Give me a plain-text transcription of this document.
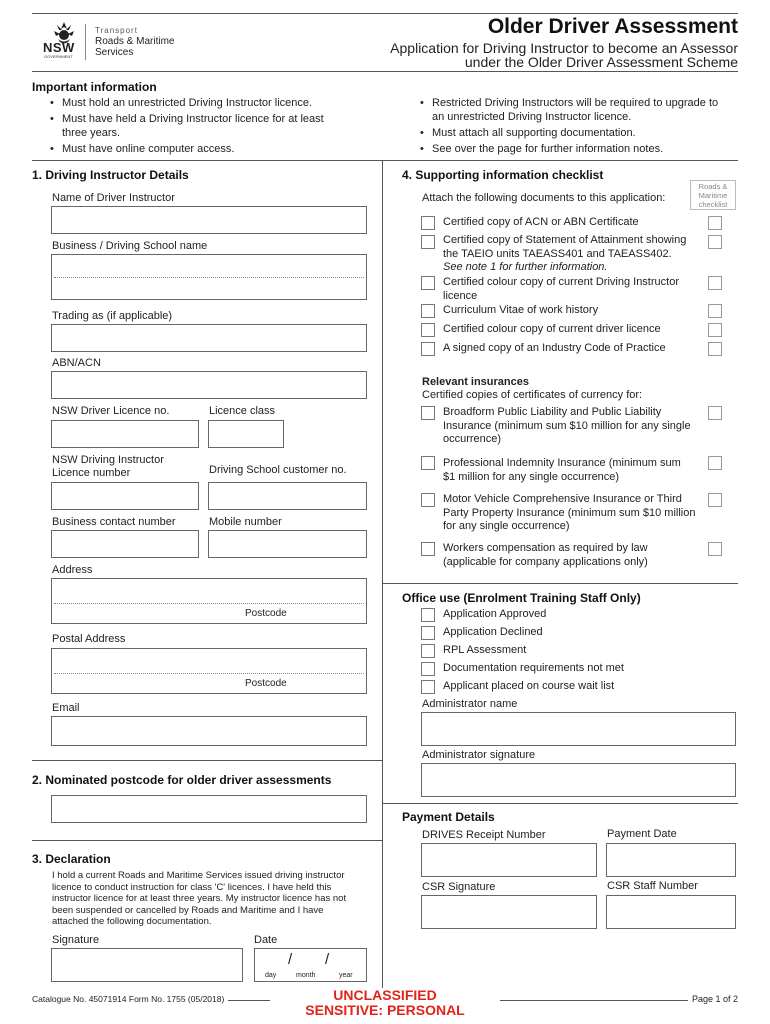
NSW
GOVERNMENT
Transport
Roads & Maritime
Services
Older Driver Assessment
Application for Driving Instructor to become an Assessor
under the Older Driver Assessment Scheme
Important information
• Must hold an unrestricted Driving Instructor licence.
• Must have held a Driving Instructor licence for at least three years.
• Must have online computer access.
• Restricted Driving Instructors will be required to upgrade to an unrestricted Driving Instructor licence.
• Must attach all supporting documentation.
• See over the page for further information notes.
1. Driving Instructor Details
Name of Driver Instructor
Business / Driving School name
Trading as (if applicable)
ABN/ACN
NSW Driver Licence no.	Licence class
NSW Driving Instructor
Licence number	Driving School customer no.
Business contact number	Mobile number
Address
Postcode
Postal Address
Postcode
Email
2. Nominated postcode for older driver assessments
3. Declaration
I hold a current Roads and Maritime Services issued driving instructor licence to conduct instruction for class 'C' licences. I have held this instructor licence for at least three years. My instructor licence has not been suspended or cancelled by Roads and Maritime and I have attached the following documentation.
Signature	Date
/ /
day	month	year
4. Supporting information checklist
Attach the following documents to this application:
Roads &
Maritime
checklist
Certified copy of ACN or ABN Certificate
Certified copy of Statement of Attainment showing the TAEIO units TAEASS401 and TAEASS402. See note 1 for further information.
Certified colour copy of current Driving Instructor licence
Curriculum Vitae of work history
Certified colour copy of current driver licence
A signed copy of an Industry Code of Practice
Relevant insurances
Certified copies of certificates of currency for:
Broadform Public Liability and Public Liability Insurance (minimum sum $10 million for any single occurrence)
Professional Indemnity Insurance (minimum sum $1 million for any single occurrence)
Motor Vehicle Comprehensive Insurance or Third Party Property Insurance (minimum sum $10 million for any single occurrence)
Workers compensation as required by law (applicable for company applications only)
Office use (Enrolment Training Staff Only)
Application Approved
Application Declined
RPL Assessment
Documentation requirements not met
Applicant placed on course wait list
Administrator name
Administrator signature
Payment Details
DRIVES Receipt Number	Payment Date
CSR Signature	CSR Staff Number
Catalogue No. 45071914 Form No. 1755 (05/2018)	UNCLASSIFIED
SENSITIVE: PERSONAL
Page 1 of 2
